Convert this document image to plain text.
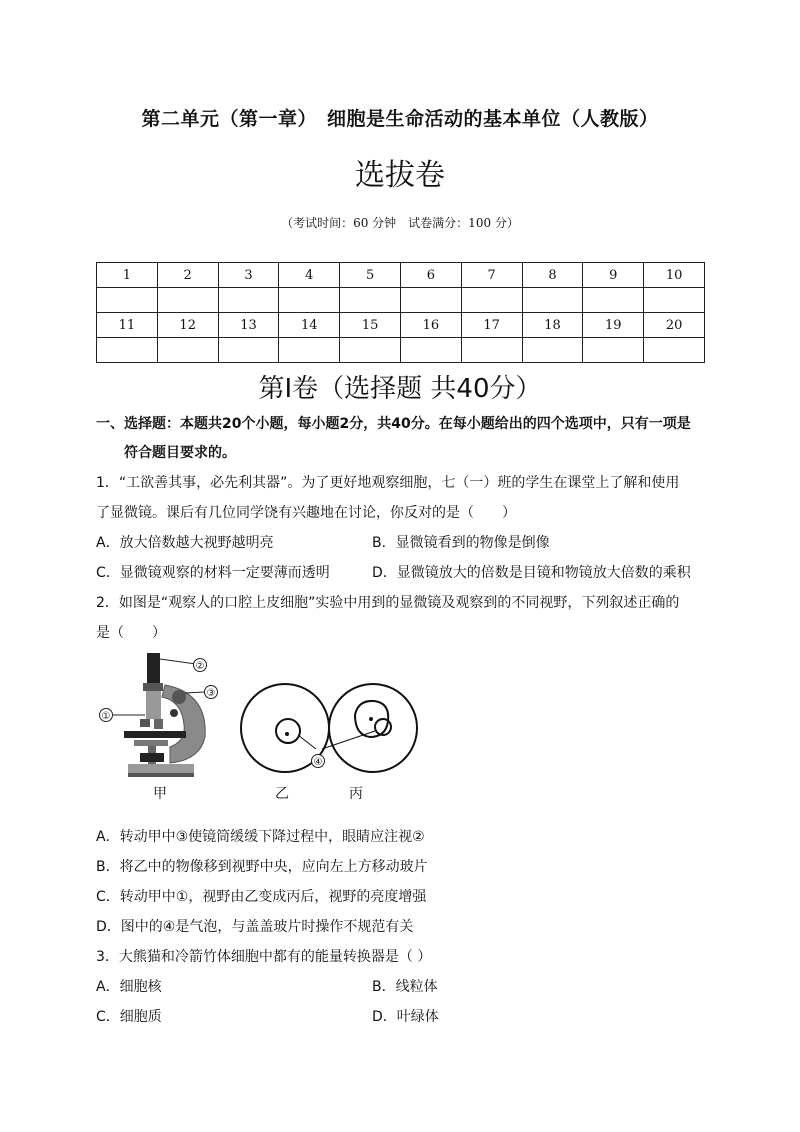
第二单元（第一章）　细胞是生命活动的基本单位（人教版）
选拔卷
（考试时间：60 分钟　试卷满分：100 分）
1	2	3	4	5	6	7	8	9	10

11	12	13	14	15	16	17	18	19	20

第Ⅰ卷（选择题 共40分）
一、选择题：本题共20个小题，每小题2分，共40分。在每小题给出的四个选项中，只有一项是
符合题目要求的。
1．“工欲善其事，必先利其器”。为了更好地观察细胞，七（一）班的学生在课堂上了解和使用
了显微镜。课后有几位同学饶有兴趣地在讨论，你反对的是（　　）
A．放大倍数越大视野越明亮	B．显微镜看到的物像是倒像
C．显微镜观察的材料一定要薄而透明	D．显微镜放大的倍数是目镜和物镜放大倍数的乘积
2．如图是“观察人的口腔上皮细胞”实验中用到的显微镜及观察到的不同视野，下列叙述正确的
是（　　）
②
③
①
④
甲	乙	丙
A．转动甲中③使镜筒缓缓下降过程中，眼睛应注视②
B．将乙中的物像移到视野中央，应向左上方移动玻片
C．转动甲中①，视野由乙变成丙后，视野的亮度增强
D．图中的④是气泡，与盖盖玻片时操作不规范有关
3．大熊猫和冷箭竹体细胞中都有的能量转换器是（ ）
A．细胞核	B．线粒体
C．细胞质	D．叶绿体
